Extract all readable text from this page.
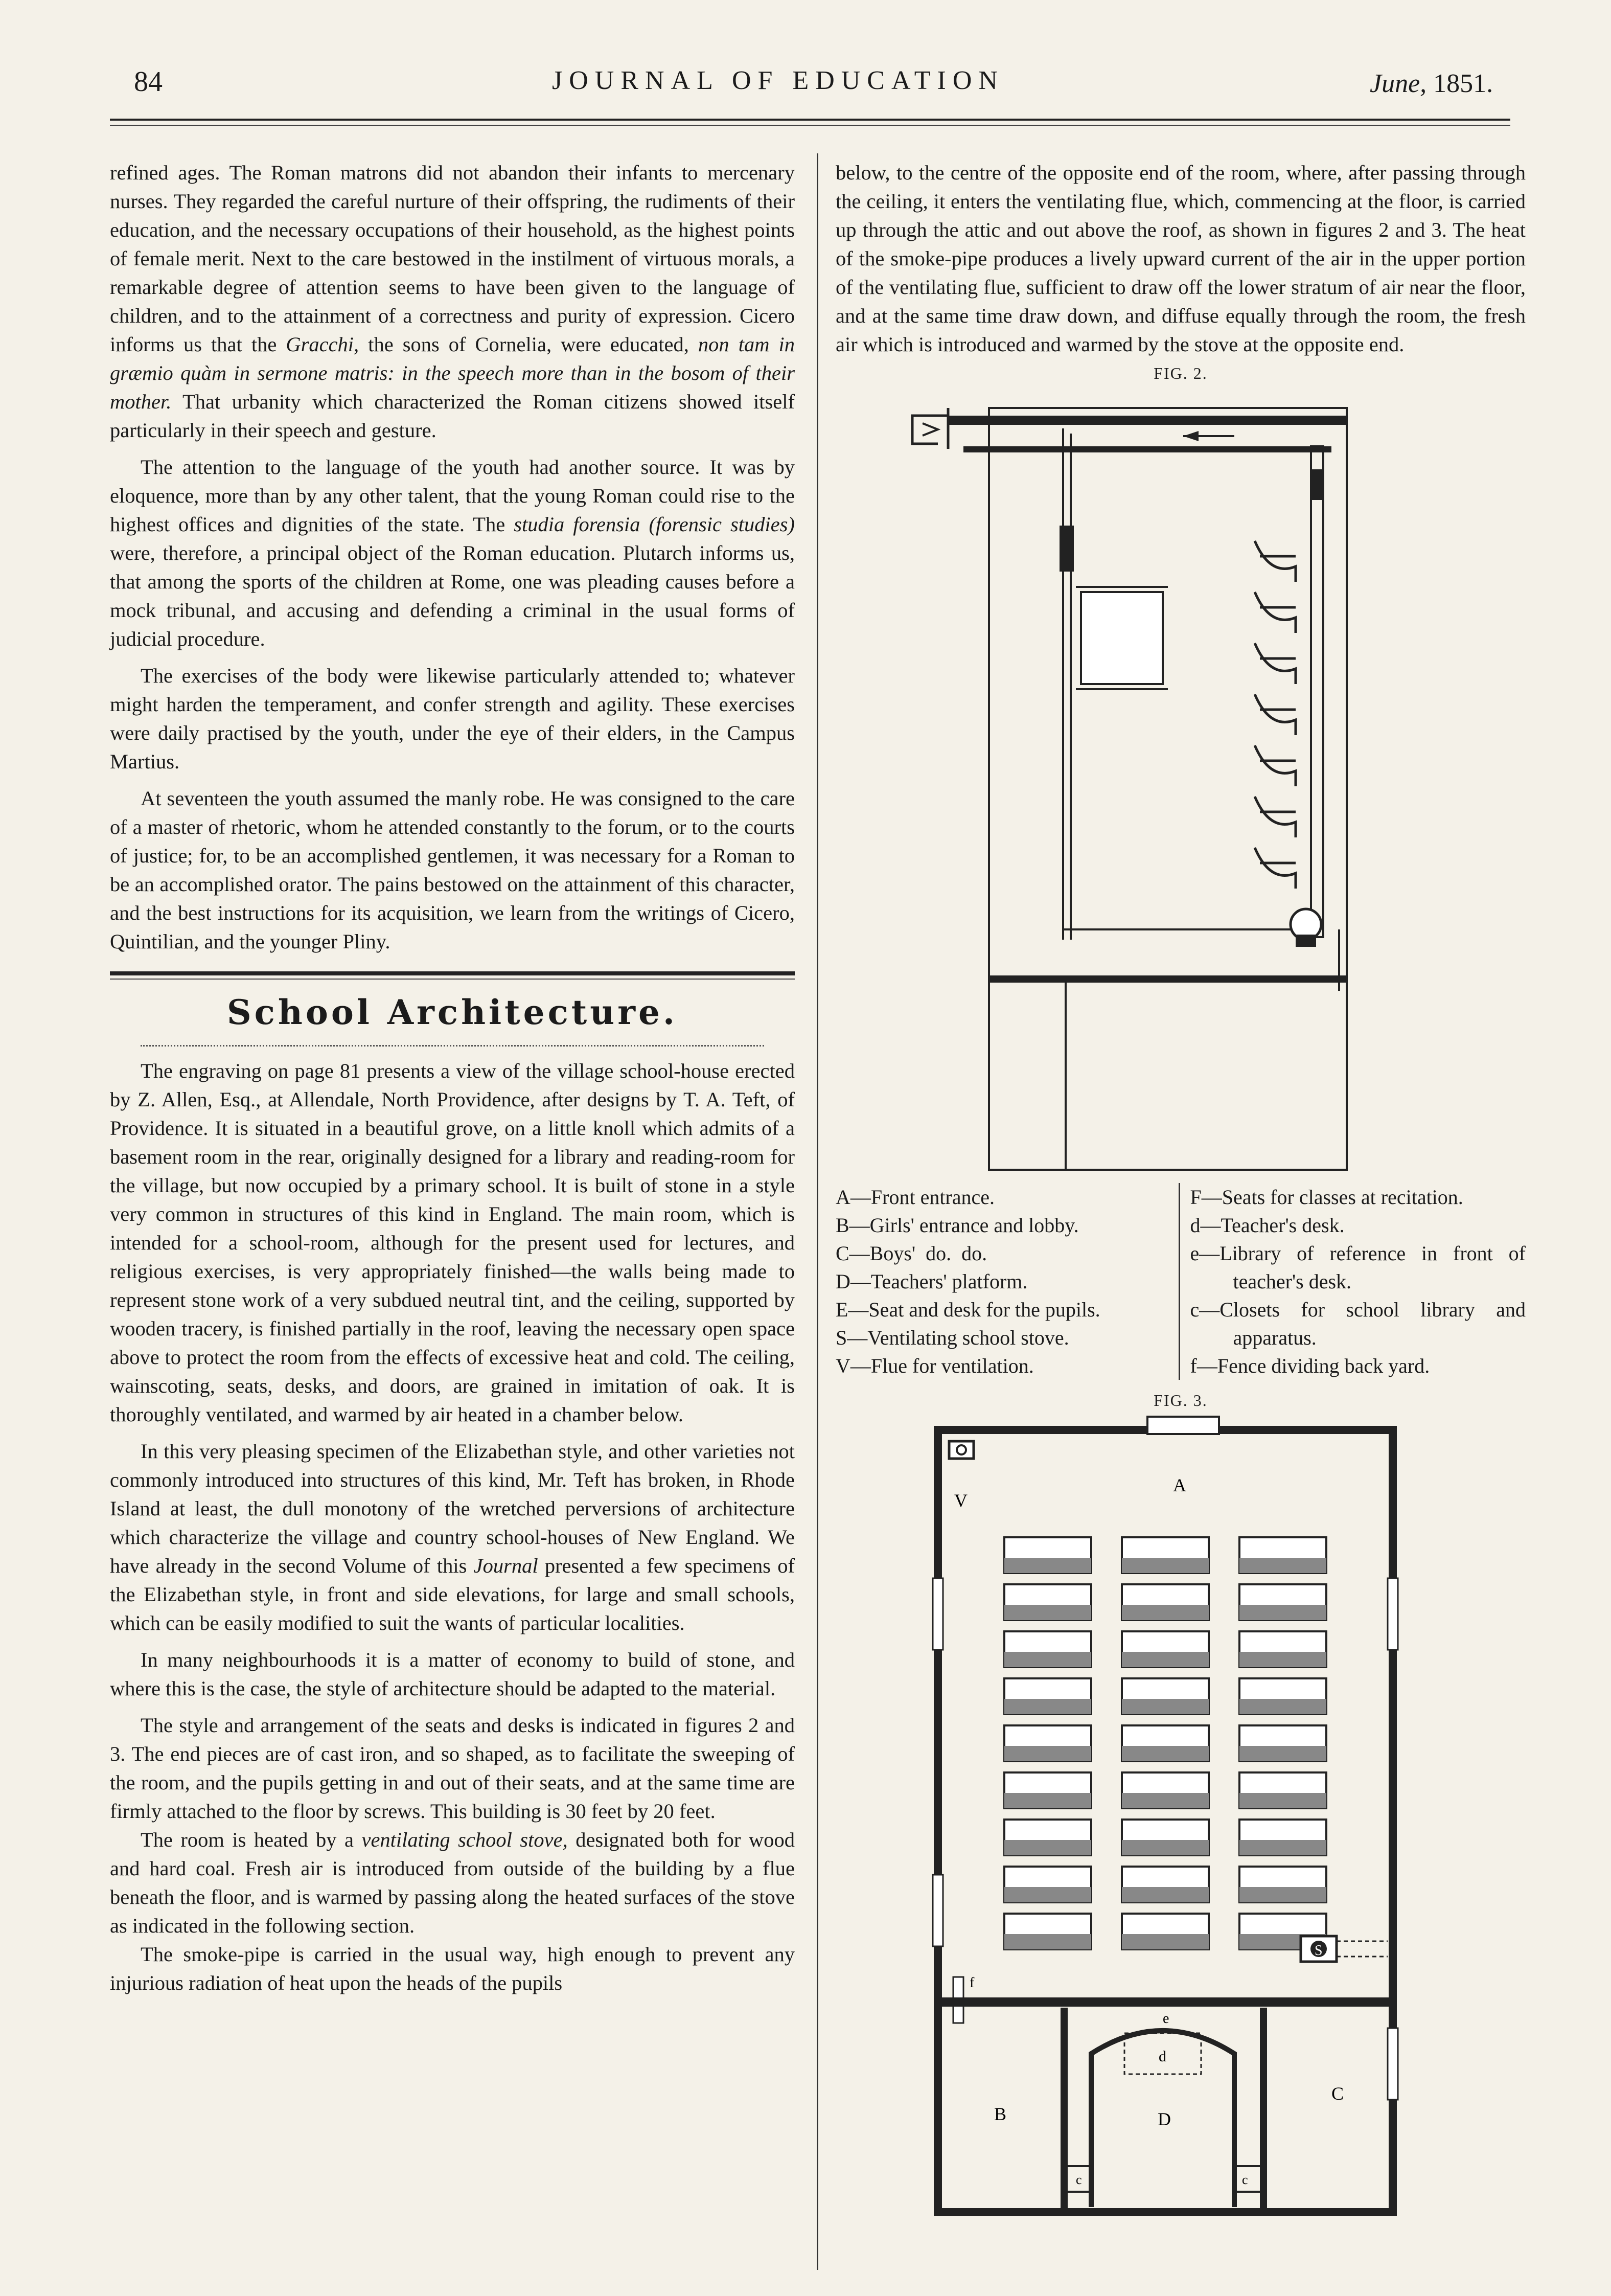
84	JOURNAL OF EDUCATION	June, 1851.

refined ages. The Roman matrons did not abandon their infants to mercenary nurses. They regarded the careful nurture of their offspring, the rudiments of their education, and the necessary occupations of their household, as the highest points of female merit. Next to the care bestowed in the instilment of virtuous morals, a remarkable degree of attention seems to have been given to the language of children, and to the attainment of a correctness and purity of expression. Cicero informs us that the Gracchi, the sons of Cornelia, were educated, non tam in græmio quàm in sermone matris: in the speech more than in the bosom of their mother. That urbanity which characterized the Roman citizens showed itself particularly in their speech and gesture.

The attention to the language of the youth had another source. It was by eloquence, more than by any other talent, that the young Roman could rise to the highest offices and dignities of the state. The studia forensia (forensic studies) were, therefore, a principal object of the Roman education. Plutarch informs us, that among the sports of the children at Rome, one was pleading causes before a mock tribunal, and accusing and defending a criminal in the usual forms of judicial procedure.

The exercises of the body were likewise particularly attended to; whatever might harden the temperament, and confer strength and agility. These exercises were daily practised by the youth, under the eye of their elders, in the Campus Martius.

At seventeen the youth assumed the manly robe. He was consigned to the care of a master of rhetoric, whom he attended constantly to the forum, or to the courts of justice; for, to be an accomplished gentlemen, it was necessary for a Roman to be an accomplished orator. The pains bestowed on the attainment of this character, and the best instructions for its acquisition, we learn from the writings of Cicero, Quintilian, and the younger Pliny.

School Architecture.

The engraving on page 81 presents a view of the village school-house erected by Z. Allen, Esq., at Allendale, North Providence, after designs by T. A. Teft, of Providence. It is situated in a beautiful grove, on a little knoll which admits of a basement room in the rear, originally designed for a library and reading-room for the village, but now occupied by a primary school. It is built of stone in a style very common in structures of this kind in England. The main room, which is intended for a school-room, although for the present used for lectures, and religious exercises, is very appropriately finished—the walls being made to represent stone work of a very subdued neutral tint, and the ceiling, supported by wooden tracery, is finished partially in the roof, leaving the necessary open space above to protect the room from the effects of excessive heat and cold. The ceiling, wainscoting, seats, desks, and doors, are grained in imitation of oak. It is thoroughly ventilated, and warmed by air heated in a chamber below.

In this very pleasing specimen of the Elizabethan style, and other varieties not commonly introduced into structures of this kind, Mr. Teft has broken, in Rhode Island at least, the dull monotony of the wretched perversions of architecture which characterize the village and country school-houses of New England. We have already in the second Volume of this Journal presented a few specimens of the Elizabethan style, in front and side elevations, for large and small schools, which can be easily modified to suit the wants of particular localities.

In many neighbourhoods it is a matter of economy to build of stone, and where this is the case, the style of architecture should be adapted to the material.

The style and arrangement of the seats and desks is indicated in figures 2 and 3. The end pieces are of cast iron, and so shaped, as to facilitate the sweeping of the room, and the pupils getting in and out of their seats, and at the same time are firmly attached to the floor by screws. This building is 30 feet by 20 feet.

The room is heated by a ventilating school stove, designated both for wood and hard coal. Fresh air is introduced from outside of the building by a flue beneath the floor, and is warmed by passing along the heated surfaces of the stove as indicated in the following section.

The smoke-pipe is carried in the usual way, high enough to prevent any injurious radiation of heat upon the heads of the pupils

below, to the centre of the opposite end of the room, where, after passing through the ceiling, it enters the ventilating flue, which, commencing at the floor, is carried up through the attic and out above the roof, as shown in figures 2 and 3. The heat of the smoke-pipe produces a lively upward current of the air in the upper portion of the ventilating flue, sufficient to draw off the lower stratum of air near the floor, and at the same time draw down, and diffuse equally through the room, the fresh air which is introduced and warmed by the stove at the opposite end.

FIG. 2.

A—Front entrance.

B—Girls' entrance and lobby.

C—Boys'  do.  do.

D—Teachers' platform.

E—Seat and desk for the pupils.

S—Ventilating school stove.

V—Flue for ventilation.

F—Seats for classes at recitation.

d—Teacher's desk.

e—Library of reference in front of teacher's desk.

c—Closets for school library and apparatus.

f—Fence dividing back yard.

FIG. 3.
V
A
S
f
B
C
e
d
D
c	c
